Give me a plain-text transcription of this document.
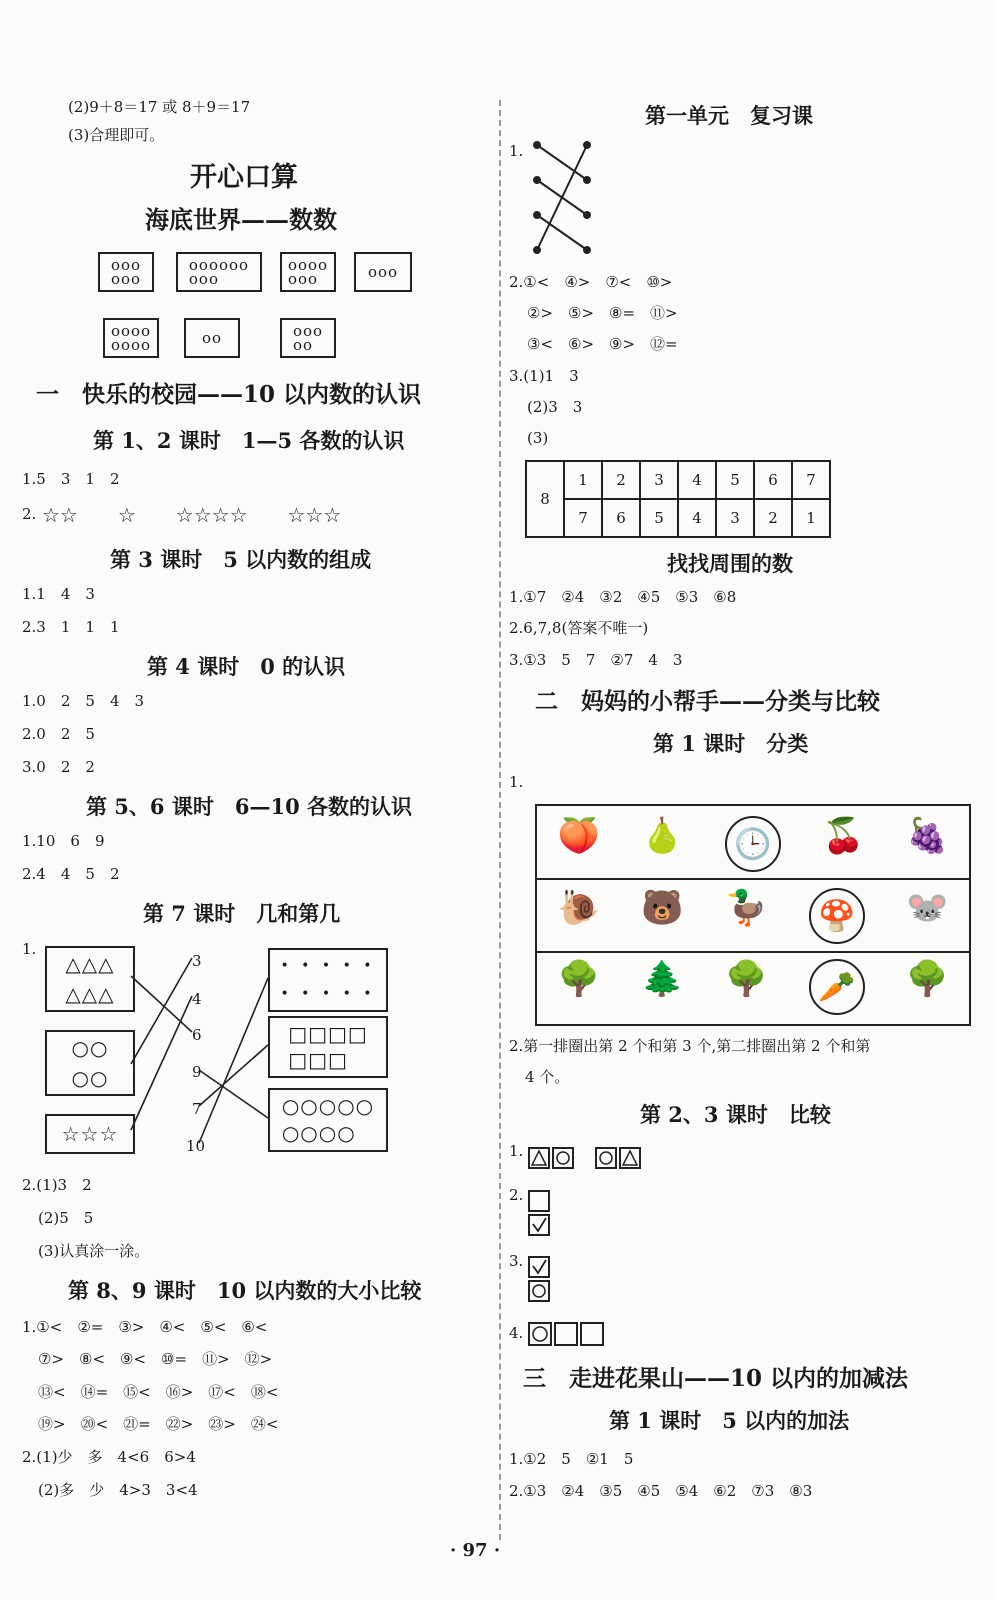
(2)9＋8＝17 或 8＋9＝17
(3)合理即可。
开心口算
海底世界——数数
ooo
ooo
oooooo
ooo
oooo
ooo	ooo
oooo
oooo	oo	ooo
oo
一　快乐的校园——10 以内数的认识
第 1、2 课时　1—5 各数的认识
1.5　3　1　2
2. ☆☆　　☆　　☆☆☆☆　　☆☆☆
第 3 课时　5 以内数的组成
1.1　4　3
2.3　1　1　1
第 4 课时　0 的认识
1.0　2　5　4　3
2.0　2　5
3.0　2　2
第 5、6 课时　6—10 各数的认识
1.10　6　9
2.4　4　5　2
第 7 课时　几和第几
1.
△△△
△△△
○○
○○
☆☆☆
3
4
6
9
7
10
• • • • •
• • • • •
□□□□
□□□
○○○○○
○○○○
2.(1)3　2
(2)5　5
(3)认真涂一涂。
第 8、9 课时　10 以内数的大小比较
1.①<　②=　③>　④<　⑤<　⑥<
⑦>　⑧<　⑨<　⑩=　⑪>　⑫>
⑬<　⑭=　⑮<　⑯>　⑰<　⑱<
⑲>　⑳<　㉑=　㉒>　㉓>　㉔<
2.(1)少　多　4<6　6>4
(2)多　少　4>3　3<4
第一单元　复习课
1.
2.①<　④>　⑦<　⑩>
②>　⑤>　⑧=　⑪>
③<　⑥>　⑨>　⑫=
3.(1)1　3
(2)3　3
(3)
8	1	2	3	4	5	6	7
	7	6	5	4	3	2	1
找找周围的数
1.①7　②4　③2　④5　⑤3　⑥8
2.6,7,8(答案不唯一)
3.①3　5　7　②7　4　3
二　妈妈的小帮手——分类与比较
第 1 课时　分类
1.
🍑 🍐	🕒 🍒 🍇
🐌 🐻 🦆	🍄 🐭
🌳 🌲 🌳	🥕 🌳
2.第一排圈出第 2 个和第 3 个,第二排圈出第 2 个和第
4 个。
第 2、3 课时　比较
1.
2.
3.
4.
三　走进花果山——10 以内的加减法
第 1 课时　5 以内的加法
1.①2　5　②1　5
2.①3　②4　③5　④5　⑤4　⑥2　⑦3　⑧3
· 97 ·
